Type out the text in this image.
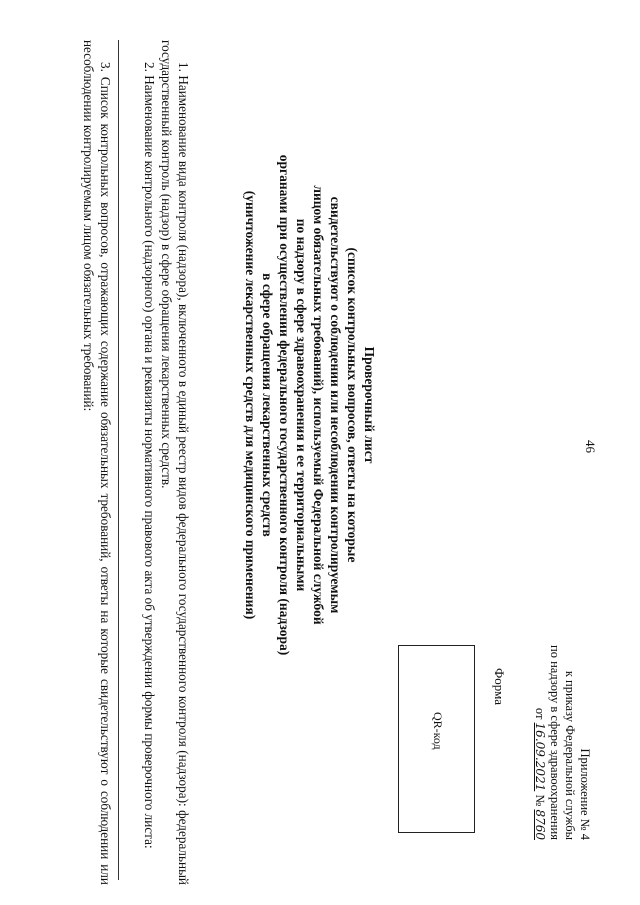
46
Приложение № 4
к приказу Федеральной службы
по надзору в сфере здравоохранения
от 16.09.2021 № 8760
Форма
QR-код
Проверочный лист
(список контрольных вопросов, ответы на которые
свидетельствуют о соблюдении или несоблюдении контролируемым
лицом обязательных требований), используемый Федеральной службой
по надзору в сфере здравоохранения и ее территориальными
органами при осуществлении федерального государственного контроля (надзора)
в сфере обращения лекарственных средств
(уничтожение лекарственных средств для медицинского применения)

1. Наименование вида контроля (надзора), включенного в единый реестр видов федерального государственного контроля (надзора): федеральный государственный контроль (надзор) в сфере обращения лекарственных средств.

2. Наименование контрольного (надзорного) органа и реквизиты нормативного правового акта об утверждении формы проверочного листа:

3. Список контрольных вопросов, отражающих содержание обязательных требований, ответы на которые свидетельствуют о соблюдении или несоблюдении контролируемым лицом обязательных требований:
